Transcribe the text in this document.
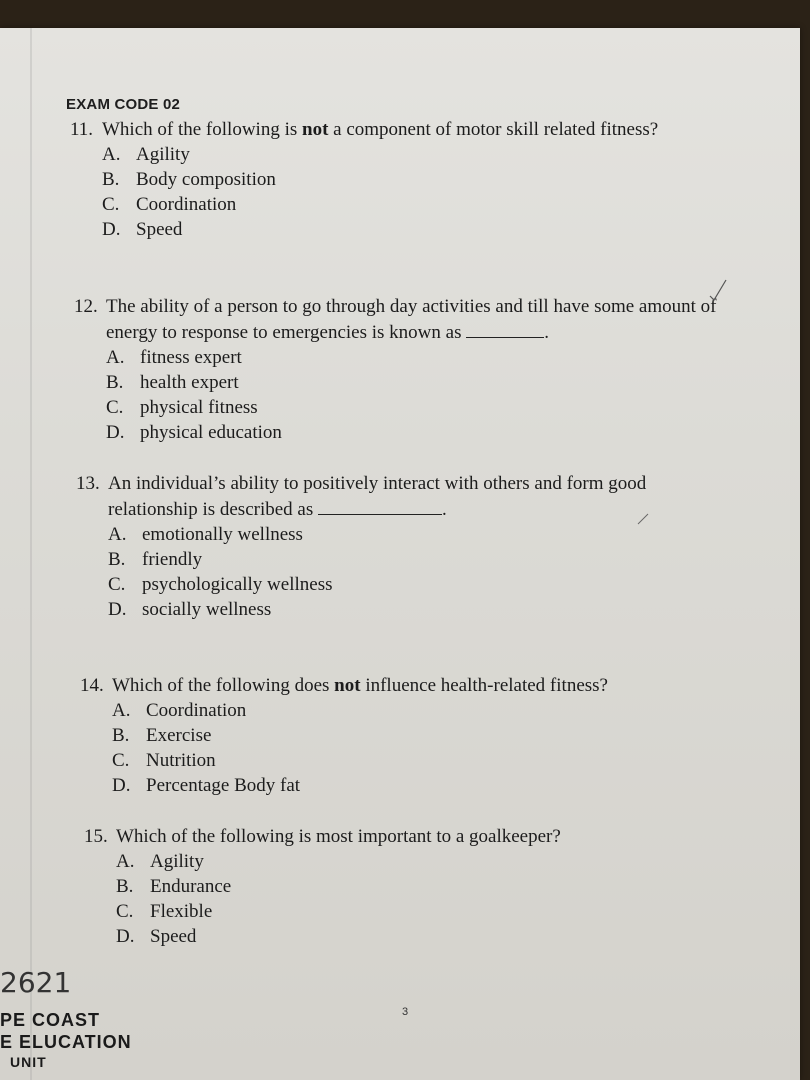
EXAM CODE 02
11. Which of the following is not a component of motor skill related fitness?
A. Agility
B. Body composition
C. Coordination
D. Speed
12. The ability of a person to go through day activities and till have some amount of energy to response to emergencies is known as	.
A. fitness expert
B. health expert
C. physical fitness
D. physical education
13. An individual’s ability to positively interact with others and form good relationship is described as	.
A. emotionally wellness
B. friendly
C. psychologically wellness
D. socially wellness
14. Which of the following does not influence health-related fitness?
A. Coordination
B. Exercise
C. Nutrition
D. Percentage Body fat
15. Which of the following is most important to a goalkeeper?
A. Agility
B. Endurance
C. Flexible
D. Speed
3
2621
PE COAST
E ELUCATION
UNIT
